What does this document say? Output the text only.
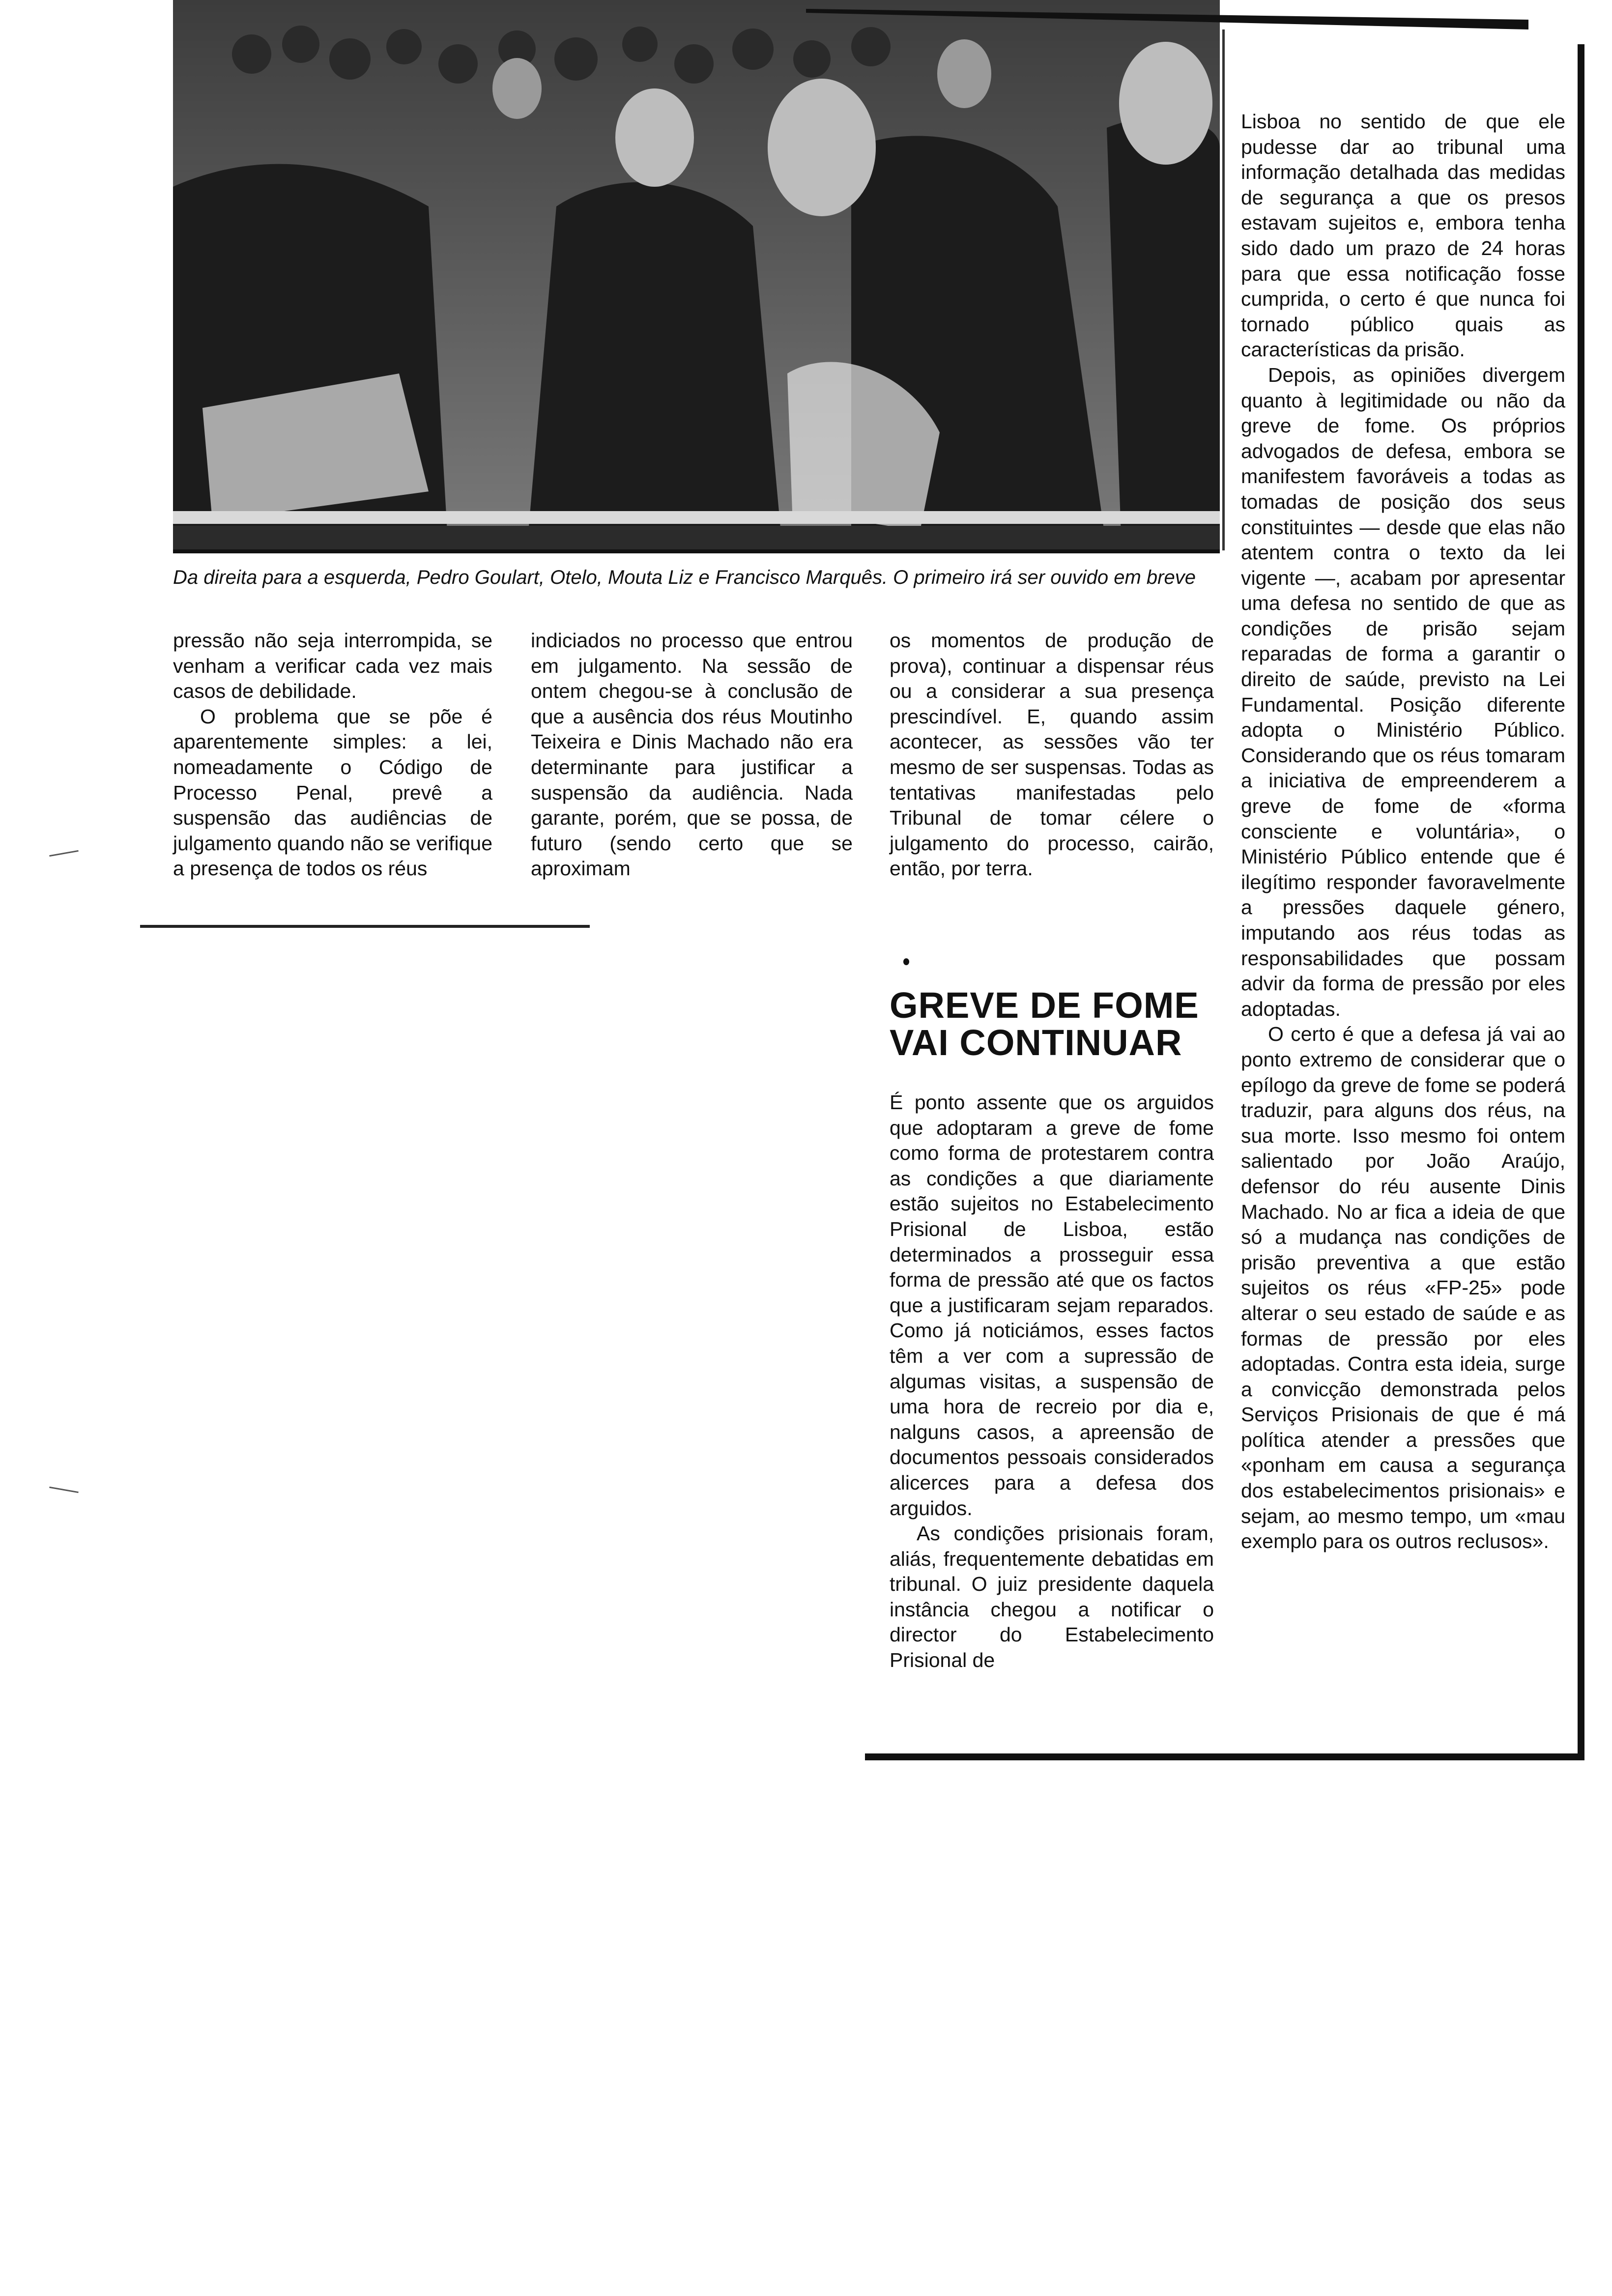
Da direita para a esquerda, Pedro Goulart, Otelo, Mouta Liz e Francisco Marquês. O primeiro irá ser ouvido em breve

pressão não seja interrompida, se venham a verificar cada vez mais casos de debilidade.

O problema que se põe é aparentemente simples: a lei, nomeadamente o Código de Processo Penal, prevê a suspensão das audiências de julgamento quando não se verifique a presença de todos os réus

indiciados no processo que entrou em julgamento. Na sessão de ontem chegou-se à conclusão de que a ausência dos réus Moutinho Teixeira e Dinis Machado não era determinante para justificar a suspensão da audiência. Nada garante, porém, que se possa, de futuro (sendo certo que se aproximam

os momentos de produção de prova), continuar a dispensar réus ou a considerar a sua presença prescindível. E, quando assim acontecer, as sessões vão ter mesmo de ser suspensas. Todas as tentativas manifestadas pelo Tribunal de tomar célere o julgamento do processo, cairão, então, por terra.

GREVE DE FOME VAI CONTINUAR

É ponto assente que os arguidos que adoptaram a greve de fome como forma de protestarem contra as condições a que diariamente estão sujeitos no Estabelecimento Prisional de Lisboa, estão determinados a prosseguir essa forma de pressão até que os factos que a justificaram sejam reparados. Como já noticiámos, esses factos têm a ver com a supressão de algumas visitas, a suspensão de uma hora de recreio por dia e, nalguns casos, a apreensão de documentos pessoais considerados alicerces para a defesa dos arguidos.

As condições prisionais foram, aliás, frequentemente debatidas em tribunal. O juiz presidente daquela instância chegou a notificar o director do Estabelecimento Prisional de

Lisboa no sentido de que ele pudesse dar ao tribunal uma informação detalhada das medidas de segurança a que os presos estavam sujeitos e, embora tenha sido dado um prazo de 24 horas para que essa notificação fosse cumprida, o certo é que nunca foi tornado público quais as características da prisão.

Depois, as opiniões divergem quanto à legitimidade ou não da greve de fome. Os próprios advogados de defesa, embora se manifestem favoráveis a todas as tomadas de posição dos seus constituintes — desde que elas não atentem contra o texto da lei vigente —, acabam por apresentar uma defesa no sentido de que as condições de prisão sejam reparadas de forma a garantir o direito de saúde, previsto na Lei Fundamental. Posição diferente adopta o Ministério Público. Considerando que os réus tomaram a iniciativa de empreenderem a greve de fome de «forma consciente e voluntária», o Ministério Público entende que é ilegítimo responder favoravelmente a pressões daquele género, imputando aos réus todas as responsabilidades que possam advir da forma de pressão por eles adoptadas.

O certo é que a defesa já vai ao ponto extremo de considerar que o epílogo da greve de fome se poderá traduzir, para alguns dos réus, na sua morte. Isso mesmo foi ontem salientado por João Araújo, defensor do réu ausente Dinis Machado. No ar fica a ideia de que só a mudança nas condições de prisão preventiva a que estão sujeitos os réus «FP-25» pode alterar o seu estado de saúde e as formas de pressão por eles adoptadas. Contra esta ideia, surge a convicção demonstrada pelos Serviços Prisionais de que é má política atender a pressões que «ponham em causa a segurança dos estabelecimentos prisionais» e sejam, ao mesmo tempo, um «mau exemplo para os outros reclusos».
